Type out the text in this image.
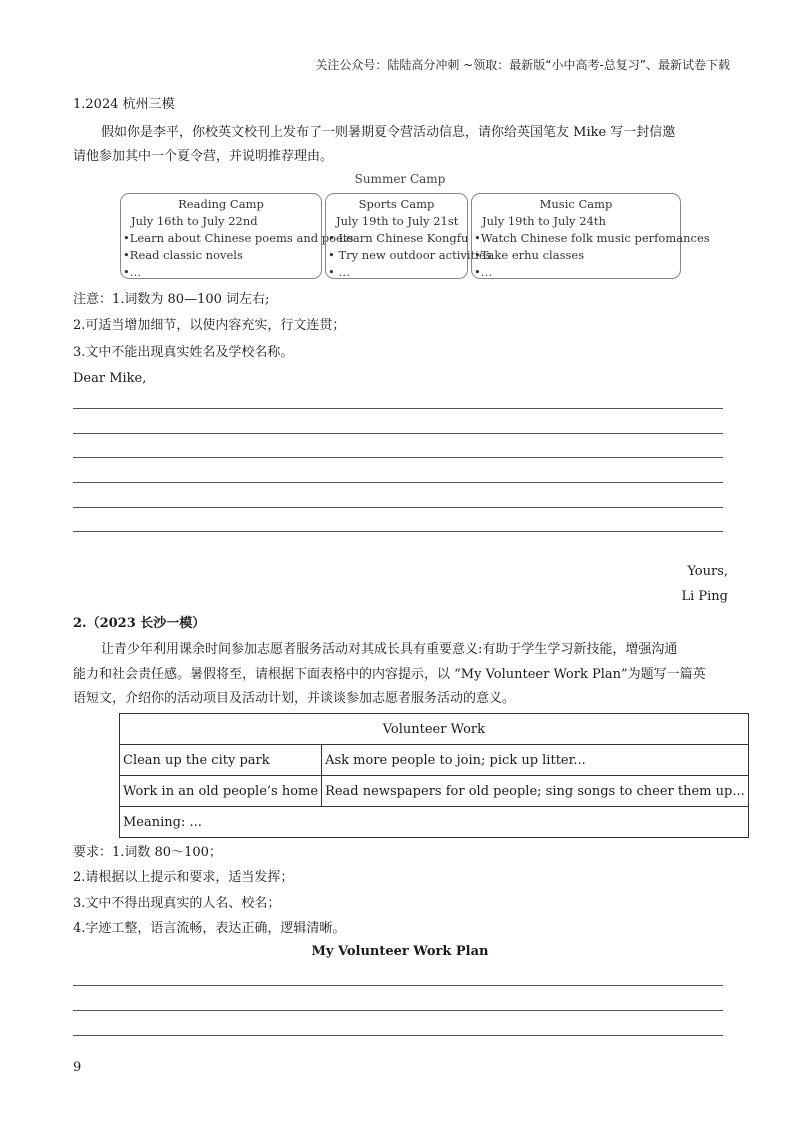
关注公众号：陆陆高分冲刺 ~领取：最新版“小中高考-总复习”、最新试卷下载
1.2024 杭州三模
假如你是李平，你校英文校刊上发布了一则暑期夏令营活动信息，请你给英国笔友 Mike 写一封信邀
请他参加其中一个夏令营，并说明推荐理由。
Summer Camp
Reading Camp
July 16th to July 22nd
•Learn about Chinese poems and poets
•Read classic novels
•…
Sports Camp
July 19th to July 21st
• Learn Chinese Kongfu
• Try new outdoor activities
• …
Music Camp
July 19th to July 24th
•Watch Chinese folk music perfomances
•Take erhu classes
•…
注意：1.词数为 80—100 词左右;
2.可适当增加细节，以使内容充实，行文连贯；
3.文中不能出现真实姓名及学校名称。
Dear Mike,
Yours,
Li Ping
2.（2023 长沙一模）
让青少年利用课余时间参加志愿者服务活动对其成长具有重要意义:有助于学生学习新技能，增强沟通
能力和社会责任感。暑假将至，请根据下面表格中的内容提示，以 “My Volunteer Work Plan”为题写一篇英
语短文，介绍你的活动项目及活动计划，并谈谈参加志愿者服务活动的意义。
Volunteer Work	
Clean up the city park	Ask more people to join; pick up litter...
Work in an old people’s home	Read newspapers for old people; sing songs to cheer them up...
Meaning: ...	
要求：1.词数 80～100；
2.请根据以上提示和要求，适当发挥；
3.文中不得出现真实的人名、校名；
4.字迹工整，语言流畅，表达正确，逻辑清晰。
My Volunteer Work Plan
9
